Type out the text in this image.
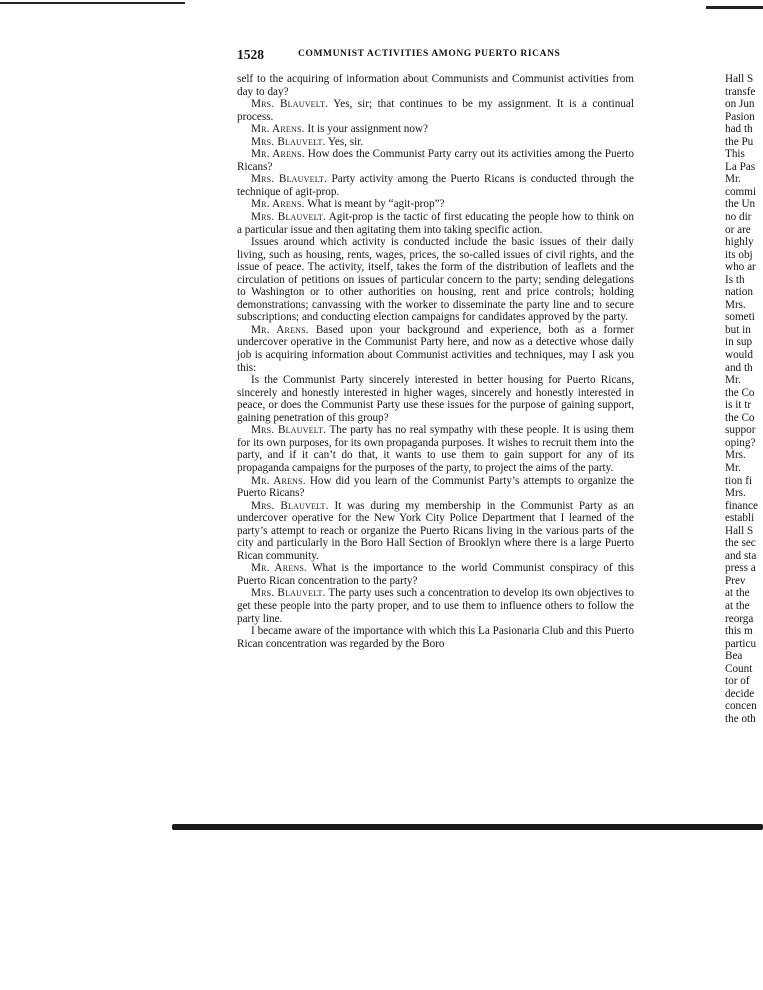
1528	COMMUNIST ACTIVITIES AMONG PUERTO RICANS

self to the acquiring of information about Communists and Communist activities from day to day?

Mrs. Blauvelt. Yes, sir; that continues to be my assignment. It is a continual process.

Mr. Arens. It is your assignment now?

Mrs. Blauvelt. Yes, sir.

Mr. Arens. How does the Communist Party carry out its activities among the Puerto Ricans?

Mrs. Blauvelt. Party activity among the Puerto Ricans is conducted through the technique of agit-prop.

Mr. Arens. What is meant by “agit-prop”?

Mrs. Blauvelt. Agit-prop is the tactic of first educating the people how to think on a particular issue and then agitating them into taking specific action.

Issues around which activity is conducted include the basic issues of their daily living, such as housing, rents, wages, prices, the so-called issues of civil rights, and the issue of peace. The activity, itself, takes the form of the distribution of leaflets and the circulation of petitions on issues of particular concern to the party; sending delegations to Washington or to other authorities on housing, rent and price controls; holding demonstrations; canvassing with the worker to disseminate the party line and to secure subscriptions; and conducting election campaigns for candidates approved by the party.

Mr. Arens. Based upon your background and experience, both as a former undercover operative in the Communist Party here, and now as a detective whose daily job is acquiring information about Communist activities and techniques, may I ask you this:

Is the Communist Party sincerely interested in better housing for Puerto Ricans, sincerely and honestly interested in higher wages, sincerely and honestly interested in peace, or does the Communist Party use these issues for the purpose of gaining support, gaining penetration of this group?

Mrs. Blauvelt. The party has no real sympathy with these people. It is using them for its own purposes, for its own propaganda purposes. It wishes to recruit them into the party, and if it can’t do that, it wants to use them to gain support for any of its propaganda campaigns for the purposes of the party, to project the aims of the party.

Mr. Arens. How did you learn of the Communist Party’s attempts to organize the Puerto Ricans?

Mrs. Blauvelt. It was during my membership in the Communist Party as an undercover operative for the New York City Police Department that I learned of the party’s attempt to reach or organize the Puerto Ricans living in the various parts of the city and particularly in the Boro Hall Section of Brooklyn where there is a large Puerto Rican community.

Mr. Arens. What is the importance to the world Communist conspiracy of this Puerto Rican concentration to the party?

Mrs. Blauvelt. The party uses such a concentration to develop its own objectives to get these people into the party proper, and to use them to influence others to follow the party line.

I became aware of the importance with which this La Pasionaria Club and this Puerto Rican concentration was regarded by the Boro

Hall S
transfe
on Jun
Pasion
had th
the Pu
This
La Pas
Mr.
commi
the Un
no dir
or are
highly
its obj
who ar
Is th
nation
Mrs.
someti
but in
in sup
would
and th
Mr.
the Co
is it tr
the Co
suppor
oping?
Mrs.
Mr.
tion fi
Mrs.
finance
establi
Hall S
the sec
and sta
press a
Prev
at the
at the
reorga
this m
particu
Bea
Count
tor of
decide
concen
the oth
